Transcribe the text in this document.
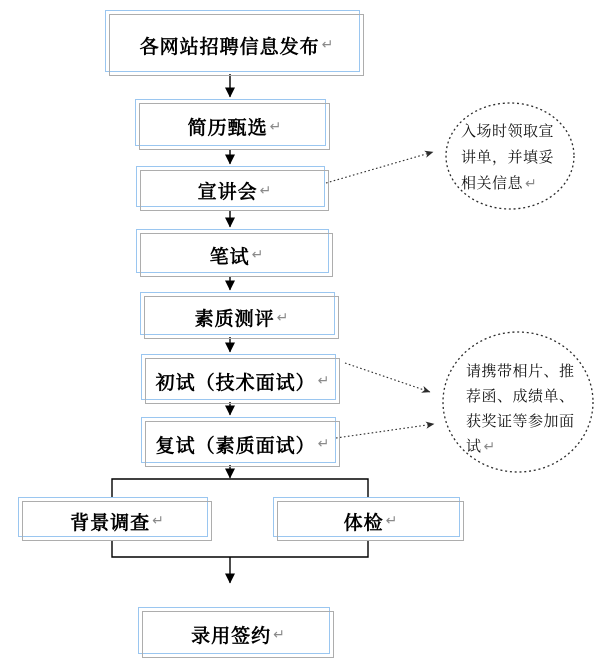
各网站招聘信息发布 ↵
简历甄选 ↵
宣讲会 ↵
笔试 ↵
素质测评 ↵
初试（技术面试） ↵
复试（素质面试） ↵
背景调查 ↵	体检 ↵
录用签约 ↵
入场时领取宣
讲单，并填妥
相关信息 ↵
请携带相片、推
荐函、成绩单、
获奖证等参加面
试 ↵
